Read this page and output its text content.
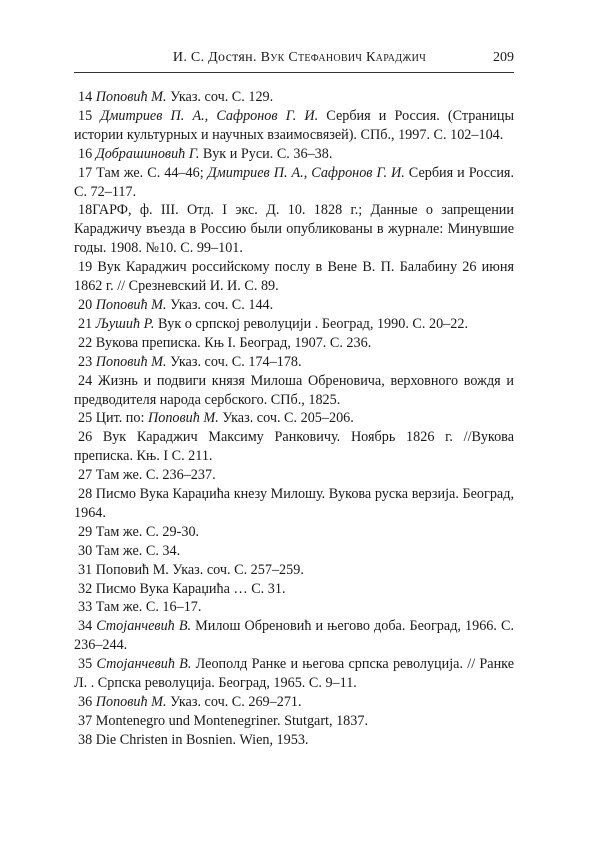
И. С. Достян. Вук Стефанович Караджич	209

14 Поповић М. Указ. соч. С. 129.

15 Дмитриев П. А., Сафронов Г. И. Сербия и Россия. (Страницы истории культурных и научных взаимосвязей). СПб., 1997. С. 102–104.

16 Добрашиновић Г. Вук и Руси. С. 36–38.

17 Там же. С. 44–46; Дмитриев П. А., Сафронов Г. И. Сербия и Россия. С. 72–117.

18ГАРФ, ф. III. Отд. I экс. Д. 10. 1828 г.; Данные о запрещении Караджичу въезда в Россию были опубликованы в журнале: Минувшие годы. 1908. №10. С. 99–101.

19 Вук Караджич российскому послу в Вене В. П. Балабину 26 июня 1862 г. // Срезневский И. И. С. 89.

20 Поповић М. Указ. соч. С. 144.

21 Љушић Р. Вук о српској револуцији . Београд, 1990. С. 20–22.

22 Вукова преписка. Књ I. Београд, 1907. С. 236.

23 Поповић М. Указ. соч. С. 174–178.

24 Жизнь и подвиги князя Милоша Обреновича, верховного вождя и предводителя народа сербского. СПб., 1825.

25 Цит. по: Поповић М. Указ. соч. С. 205–206.

26 Вук Караджич Максиму Ранковичу. Ноябрь 1826 г. //Вукова преписка. Књ. I С. 211.

27 Там же. С. 236–237.

28 Писмо Вука Караџића кнезу Милошу. Вукова руска верзија. Београд, 1964.

29 Там же. С. 29-30.

30 Там же. С. 34.

31 Поповић М. Указ. соч. С. 257–259.

32 Писмо Вука Караџића … С. 31.

33 Там же. С. 16–17.

34 Стојанчевић В. Милош Обреновић и његово доба. Београд, 1966. С. 236–244.

35 Стојанчевић В. Леополд Ранке и његова српска револуција. // Ранке Л. . Српска револуција. Београд, 1965. С. 9–11.

36 Поповић М. Указ. соч. С. 269–271.

37 Montenegro und Montenegriner. Stutgart, 1837.

38 Die Christen in Bosnien. Wien, 1953.
